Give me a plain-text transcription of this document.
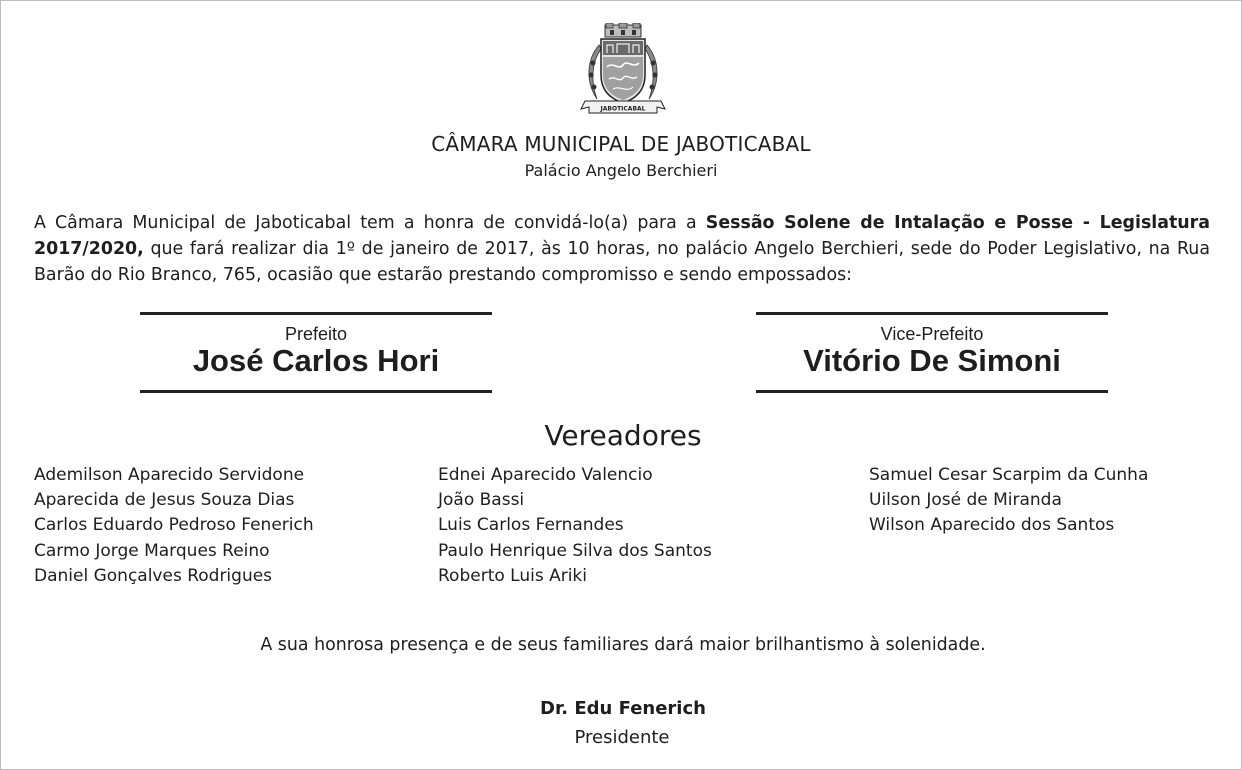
JABOTICABAL
CÂMARA MUNICIPAL DE JABOTICABAL
Palácio Angelo Berchieri
A Câmara Municipal de Jaboticabal tem a honra de convidá-lo(a) para a Sessão Solene de Intalação e Posse - Legislatura 2017/2020, que fará realizar dia 1º de janeiro de 2017, às 10 horas, no palácio Angelo Berchieri, sede do Poder Legislativo, na Rua Barão do Rio Branco, 765, ocasião que estarão prestando compromisso e sendo empossados:
Prefeito
José Carlos Hori
Vice-Prefeito
Vitório De Simoni
Vereadores
Ademilson Aparecido Servidone
Aparecida de Jesus Souza Dias
Carlos Eduardo Pedroso Fenerich
Carmo Jorge Marques Reino
Daniel Gonçalves Rodrigues
Ednei Aparecido Valencio
João Bassi
Luis Carlos Fernandes
Paulo Henrique Silva dos Santos
Roberto Luis Ariki
Samuel Cesar Scarpim da Cunha
Uilson José de Miranda
Wilson Aparecido dos Santos
A sua honrosa presença e de seus familiares dará maior brilhantismo à solenidade.
Dr. Edu Fenerich
Presidente
